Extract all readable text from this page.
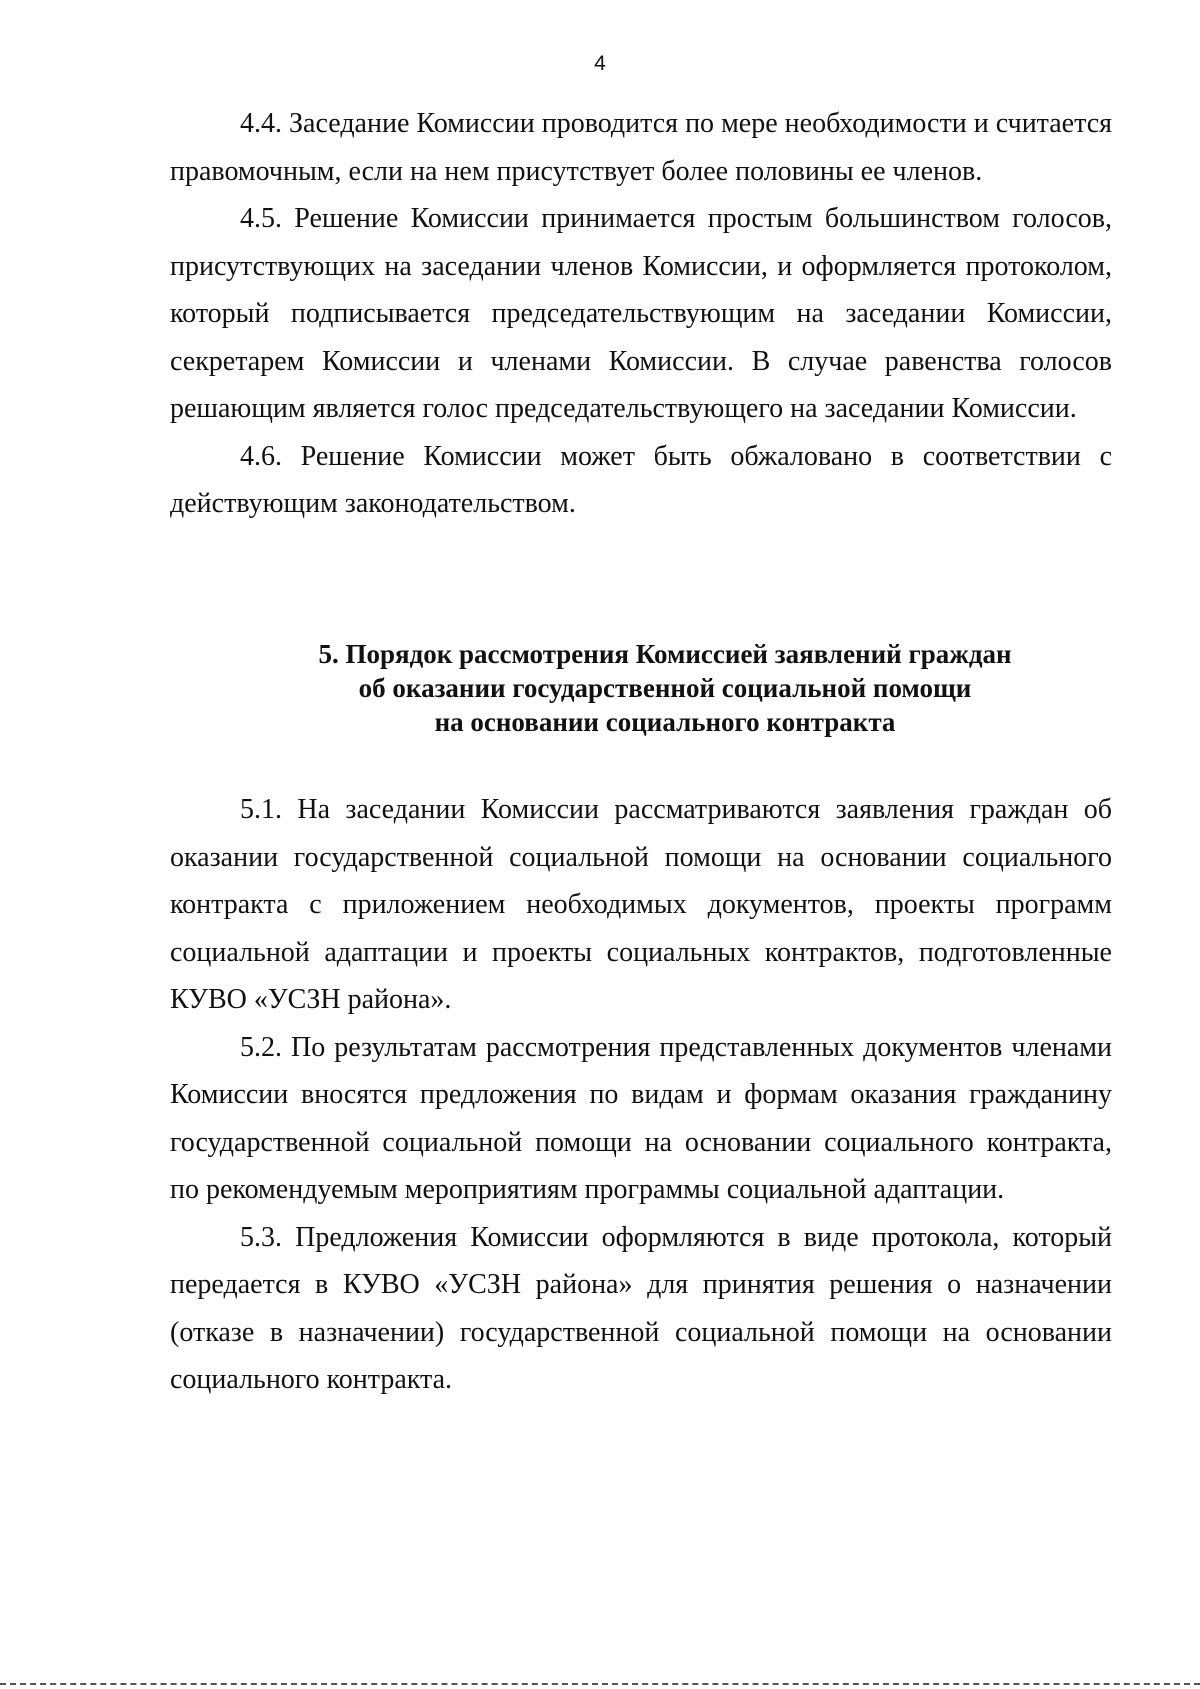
4

4.4. Заседание Комиссии проводится по мере необходимости и считается правомочным, если на нем присутствует более половины ее членов.

4.5. Решение Комиссии принимается простым большинством голосов, присутствующих на заседании членов Комиссии, и оформляется протоколом, который подписывается председательствующим на заседании Комиссии, секретарем Комиссии и членами Комиссии. В случае равенства голосов решающим является голос председательствующего на заседании Комиссии.

4.6. Решение Комиссии может быть обжаловано в соответствии с действующим законодательством.

5. Порядок рассмотрения Комиссией заявлений граждан
об оказании государственной социальной помощи
на основании социального контракта

5.1. На заседании Комиссии рассматриваются заявления граждан об оказании государственной социальной помощи на основании социального контракта с приложением необходимых документов, проекты программ социальной адаптации и проекты социальных контрактов, подготовленные КУВО «УСЗН района».

5.2. По результатам рассмотрения представленных документов членами Комиссии вносятся предложения по видам и формам оказания гражданину государственной социальной помощи на основании социального контракта, по рекомендуемым мероприятиям программы социальной адаптации.

5.3. Предложения Комиссии оформляются в виде протокола, который передается в КУВО «УСЗН района» для принятия решения о назначении (отказе в назначении) государственной социальной помощи на основании социального контракта.
